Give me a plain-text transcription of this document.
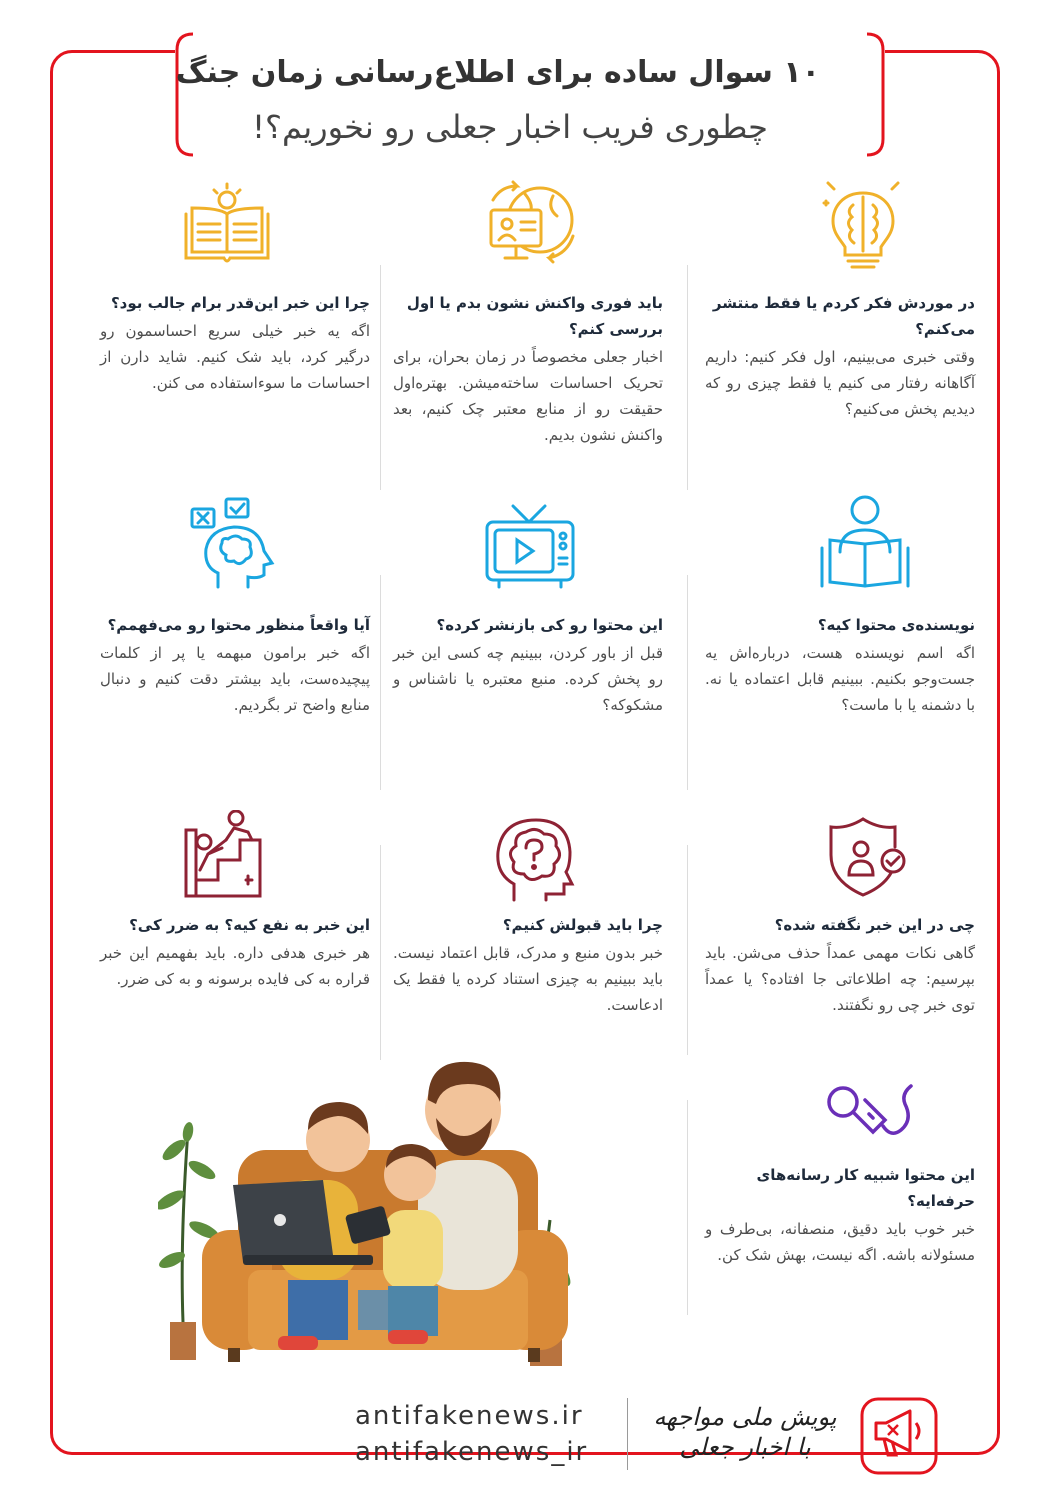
۱۰ سوال ساده برای اطلاع‌رسانی زمان جنگ
چطوری فریب اخبار جعلی رو نخوریم؟!

در موردش فکر کردم یا فقط منتشر می‌کنم؟

وقتی خبری می‌بینیم، اول فکر کنیم: داریم آگاهانه رفتار می کنیم یا فقط چیزی رو که دیدیم پخش می‌کنیم؟

باید فوری واکنش نشون بدم یا اول بررسی کنم؟

اخبار جعلی مخصوصاً در زمان بحران، برای تحریک احساسات ساخته‌میشن. بهتره‌اول حقیقت رو از منابع معتبر چک کنیم، بعد واکنش نشون بدیم.

چرا این خبر این‌قدر برام جالب بود؟

اگه یه خبر خیلی سریع احساسمون رو درگیر کرد، باید شک کنیم. شاید دارن از احساسات ما سوءاستفاده می کنن.

نویسنده‌ی محتوا کیه؟

اگه اسم نویسنده هست، درباره‌اش یه جست‌وجو بکنیم. ببینیم قابل اعتماده یا نه. با دشمنه یا با ماست؟

این محتوا رو کی بازنشر کرده؟

قبل از باور کردن، ببینیم چه کسی این خبر رو پخش کرده. منبع معتبره یا ناشناس و مشکوکه؟

آیا واقعاً منظور محتوا رو می‌فهمم؟

اگه خبر برامون مبهمه یا پر از کلمات پیچیده‌ست، باید بیشتر دقت کنیم و دنبال منابع واضح تر بگردیم.

چی در این خبر نگفته شده؟

گاهی نکات مهمی عمداً حذف می‌شن. باید بپرسیم: چه اطلاعاتی جا افتاده؟ یا عمداً توی خبر چی رو نگفتند.

چرا باید قبولش کنیم؟

خبر بدون منبع و مدرک، قابل اعتماد نیست. باید ببینیم به چیزی استناد کرده یا فقط یک ادعاست.

این خبر به نفع کیه؟ به ضرر کی؟

هر خبری هدفی داره. باید بفهمیم این خبر قراره به کی فایده برسونه و به کی ضرر.

این محتوا شبیه کار رسانه‌های حرفه‌ایه؟

خبر خوب باید دقیق، منصفانه، بی‌طرف و مسئولانه باشه. اگه نیست، بهش شک کن.

antifakenews.ir
antifakenews_ir
پویش ملی مواجهه
با اخبار جعلی
